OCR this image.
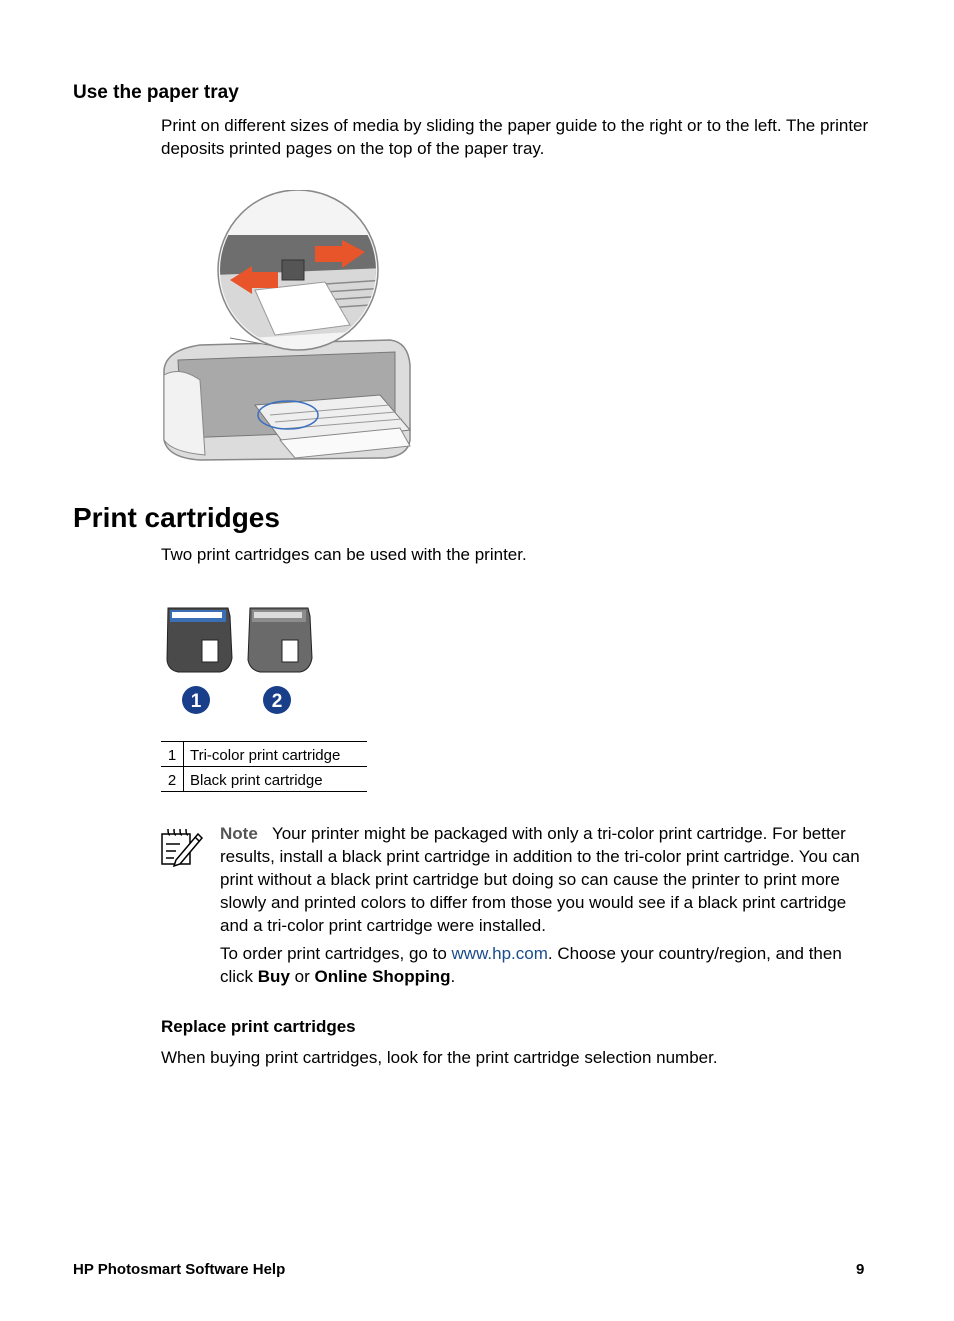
Use the paper tray
Print on different sizes of media by sliding the paper guide to the right or to the left. The printer deposits printed pages on the top of the paper tray.
Print cartridges
Two print cartridges can be used with the printer.
1	2
1	Tri-color print cartridge
2	Black print cartridge
Note Your printer might be packaged with only a tri-color print cartridge. For better results, install a black print cartridge in addition to the tri-color print cartridge. You can print without a black print cartridge but doing so can cause the printer to print more slowly and printed colors to differ from those you would see if a black print cartridge and a tri-color print cartridge were installed.
To order print cartridges, go to www.hp.com. Choose your country/region, and then click Buy or Online Shopping.
Replace print cartridges
When buying print cartridges, look for the print cartridge selection number.
HP Photosmart Software Help	9
